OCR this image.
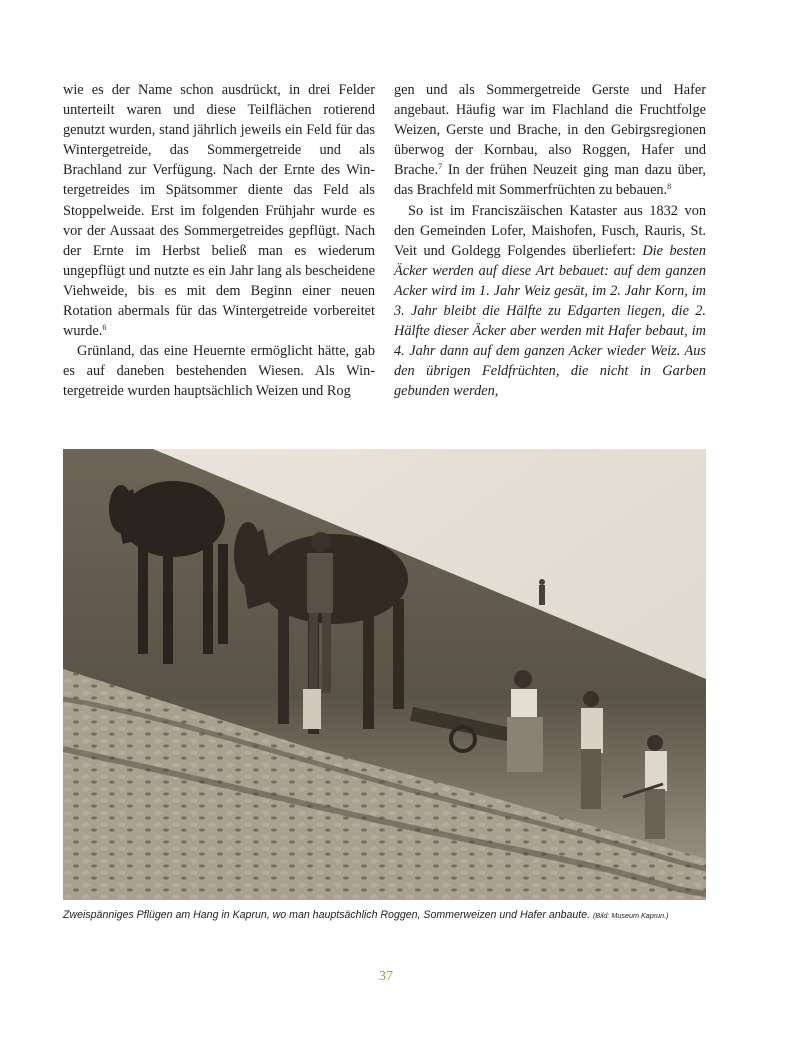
wie es der Name schon ausdrückt, in drei Felder unterteilt waren und diese Teilflächen rotierend genutzt wurden, stand jährlich jeweils ein Feld für das Wintergetreide, das Sommergetreide und als Brachland zur Verfügung. Nach der Ernte des Wintergetreides im Spätsommer diente das Feld als Stoppelweide. Erst im folgenden Frühjahr wurde es vor der Aussaat des Sommergetreides gepflügt. Nach der Ernte im Herbst beließ man es wiederum ungepflügt und nutzte es ein Jahr lang als bescheidene Viehweide, bis es mit dem Beginn einer neuen Rotation abermals für das Wintergetreide vorbereitet wurde.$^6$

Grünland, das eine Heuernte ermöglicht hätte, gab es auf daneben bestehenden Wiesen. Als Wintergetreide wurden hauptsächlich Weizen und Rog

gen und als Sommergetreide Gerste und Hafer angebaut. Häufig war im Flachland die Fruchtfolge Weizen, Gerste und Brache, in den Gebirgsregionen überwog der Kornbau, also Roggen, Hafer und Brache.$^7$ In der frühen Neuzeit ging man dazu über, das Brachfeld mit Sommerfrüchten zu bebauen.$^8$

So ist im Franciszäischen Kataster aus 1832 von den Gemeinden Lofer, Maishofen, Fusch, Rauris, St. Veit und Goldegg Folgendes überliefert: Die besten Äcker werden auf diese Art bebauet: auf dem ganzen Acker wird im 1. Jahr Weiz gesät, im 2. Jahr Korn, im 3. Jahr bleibt die Hälfte zu Edgarten liegen, die 2. Hälfte dieser Äcker aber werden mit Hafer bebaut, im 4. Jahr dann auf dem ganzen Acker wieder Weiz. Aus den übrigen Feldfrüchten, die nicht in Garben gebunden werden,

Zweispänniges Pflügen am Hang in Kaprun, wo man hauptsächlich Roggen, Sommerweizen und Hafer anbaute. (Bild: Museum Kaprun.)
37
